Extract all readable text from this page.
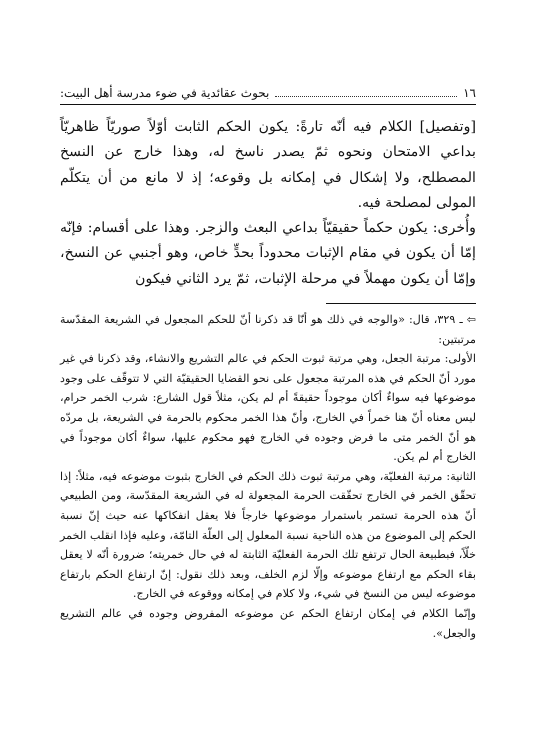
١٦
بحوث عقائدية في ضوء مدرسة أهل البيت:

[وتفصيل] الكلام فيه أنّه تارةً: يكون الحكم الثابت أوّلاً صوريّاً ظاهريّاً بداعي الامتحان ونحوه ثمّ يصدر ناسخ له، وهذا خارج عن النسخ المصطلح، ولا إشكال في إمكانه بل وقوعه؛ إذ لا مانع من أن يتكلّم المولى لمصلحة فيه.

وأُخرى: يكون حكماً حقيقيّاً بداعي البعث والزجر. وهذا على أقسام: فإنّه إمّا أن يكون في مقام الإثبات محدوداً بحدٍّ خاص، وهو أجنبي عن النسخ، وإمّا أن يكون مهملاً في مرحلة الإثبات، ثمّ يرد الثاني فيكون

⇦ـ ٣٢٩، قال: «والوجه في ذلك هو أنّا قد ذكرنا أنّ للحكم المجعول في الشريعة المقدّسة مرتبتين:

الأولى: مرتبة الجعل، وهي مرتبة ثبوت الحكم في عالم التشريع والانشاء، وقد ذكرنا في غير مورد أنّ الحكم في هذه المرتبة مجعول على نحو القضايا الحقيقيّة التي لا تتوقّف على وجود موضوعها فيه سواءٌ أكان موجوداً حقيقةً أم لم يكن، مثلاً قول الشارع: شرب الخمر حرام، ليس معناه أنّ هنا خمراً في الخارج، وأنّ هذا الخمر محكوم بالحرمة في الشريعة، بل مردّه هو أنّ الخمر متى ما فرض وجوده في الخارج فهو محكوم عليها، سواءٌ أكان موجوداً في الخارج أم لم يكن.

الثانية: مرتبة الفعليّة، وهي مرتبة ثبوت ذلك الحكم في الخارج بثبوت موضوعه فيه، مثلاً: إذا تحقّق الخمر في الخارج تحقّقت الحرمة المجعولة له في الشريعة المقدّسة، ومن الطبيعي أنّ هذه الحرمة تستمر باستمرار موضوعها خارجاً فلا يعقل انفكاكها عنه حيث إنّ نسبة الحكم إلى الموضوع من هذه الناحية نسبة المعلول إلى العلّة التامّة، وعليه فإذا انقلب الخمر خلّاً، فبطبيعة الحال ترتفع تلك الحرمة الفعليّة الثابتة له في حال خمريته؛ ضرورة أنّه لا يعقل بقاء الحكم مع ارتفاع موضوعه وإلّا لزم الخلف، وبعد ذلك نقول: إنّ ارتفاع الحكم بارتفاع موضوعه ليس من النسخ في شيء، ولا كلام في إمكانه ووقوعه في الخارج.

وإنّما الكلام في إمكان ارتفاع الحكم عن موضوعه المفروض وجوده في عالم التشريع والجعل».
